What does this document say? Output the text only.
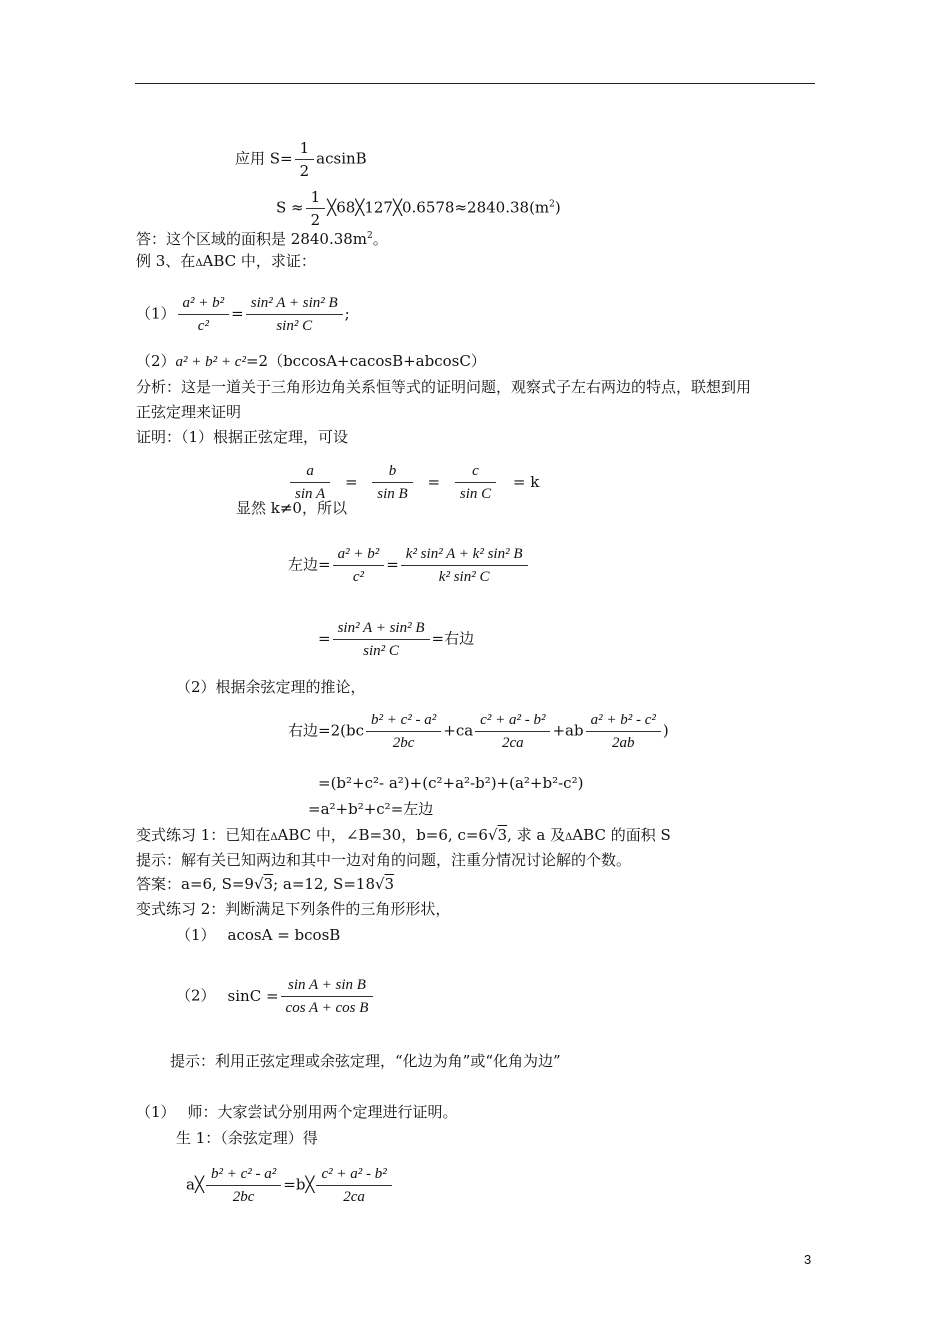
应用 $S= \frac{1}{2}$ acsinB
$S \approx \frac{1}{2}$ $╳68╳127╳0.6578\approx 2840.38(m^2)$
答：这个区域的面积是 $2840.38m^2$。
例 3、在ΔABC 中，求证：
$(1) \frac{\text{a² + b²}}{\text{c²}} = \frac{\text{sin² A + sin² B}}{\text{sin² C}}$ ;
（2）a² + b² + c²=2（bccosA+cacosB+abcosC）
分析：这是一道关于三角形边角关系恒等式的证明问题，观察式子左右两边的特点，联想到用
正弦定理来证明
证明：（1）根据正弦定理，可设
$\frac{a}{\text{sin A}} = \frac{b}{\text{sin B}} = \frac{c}{\text{sin C}} = k$
显然 k≠0，所以
左边= $\frac{\text{a² + b²}}{\text{c²}} = \frac{\text{k² sin² A + k² sin² B}}{\text{k² sin² C}}$
= $\frac{\text{sin² A + sin² B}}{\text{sin² C}}$ =右边
（2）根据余弦定理的推论，
右边$=2(bc \frac{\text{b² + c² - a²}}{2bc} +ca \frac{\text{c² + a² - b²}}{2ca} +ab \frac{\text{a² + b² - c²}}{2ab}$ )
=(b²+c²- a²)+(c²+a²-b²)+(a²+b²-c²)
=a²+b²+c²=左边
变式练习 1：已知在ΔABC 中，∠B=30，b=6, c=6√3, 求 a 及ΔABC 的面积 S
提示：解有关已知两边和其中一边对角的问题，注重分情况讨论解的个数。
答案：a=6, S=9√3; a=12, S=18√3
变式练习 2：判断满足下列条件的三角形形状，
（1） acosA = bcosB
（2） $\sin C = \frac{\text{sin A + sin B}}{\text{cos A + cos B}}$
提示：利用正弦定理或余弦定理，“化边为角”或“化角为边”
（1） 师：大家尝试分别用两个定理进行证明。
生 1：（余弦定理）得
a╳ $\frac{\text{b² + c² - a²}}{2bc}$ =b╳ $\frac{\text{c² + a² - b²}}{2ca}$
3
